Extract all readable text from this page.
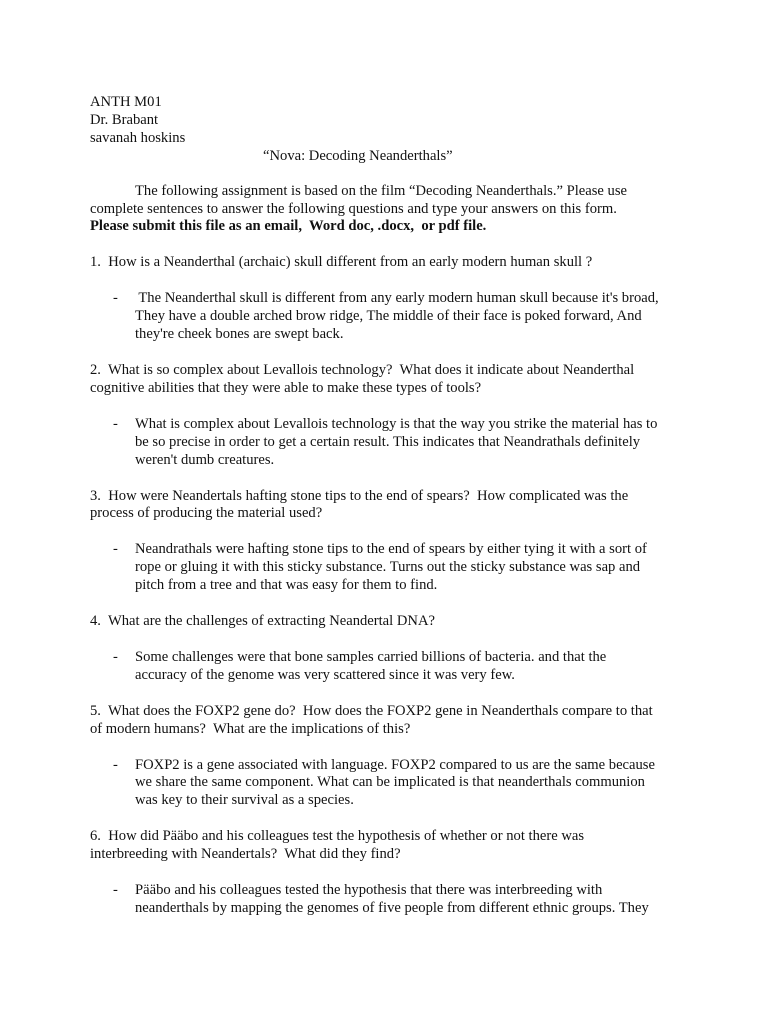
ANTH M01
Dr. Brabant
savanah hoskins
“Nova: Decoding Neanderthals”
The following assignment is based on the film “Decoding Neanderthals.” Please use
complete sentences to answer the following questions and type your answers on this form.
Please submit this file as an email,  Word doc, .docx,  or pdf file.
1.  How is a Neanderthal (archaic) skull different from an early modern human skull ?
- The Neanderthal skull is different from any early modern human skull because it's broad,
They have a double arched brow ridge, The middle of their face is poked forward, And
they're cheek bones are swept back.
2.  What is so complex about Levallois technology?  What does it indicate about Neanderthal
cognitive abilities that they were able to make these types of tools?
- What is complex about Levallois technology is that the way you strike the material has to
be so precise in order to get a certain result. This indicates that Neandrathals definitely
weren't dumb creatures.
3.  How were Neandertals hafting stone tips to the end of spears?  How complicated was the
process of producing the material used?
- Neandrathals were hafting stone tips to the end of spears by either tying it with a sort of
rope or gluing it with this sticky substance. Turns out the sticky substance was sap and
pitch from a tree and that was easy for them to find.
4.  What are the challenges of extracting Neandertal DNA?
- Some challenges were that bone samples carried billions of bacteria. and that the
accuracy of the genome was very scattered since it was very few.
5.  What does the FOXP2 gene do?  How does the FOXP2 gene in Neanderthals compare to that
of modern humans?  What are the implications of this?
- FOXP2 is a gene associated with language. FOXP2 compared to us are the same because
we share the same component. What can be implicated is that neanderthals communion
was key to their survival as a species.
6.  How did Pääbo and his colleagues test the hypothesis of whether or not there was
interbreeding with Neandertals?  What did they find?
- Pääbo and his colleagues tested the hypothesis that there was interbreeding with
neanderthals by mapping the genomes of five people from different ethnic groups. They
